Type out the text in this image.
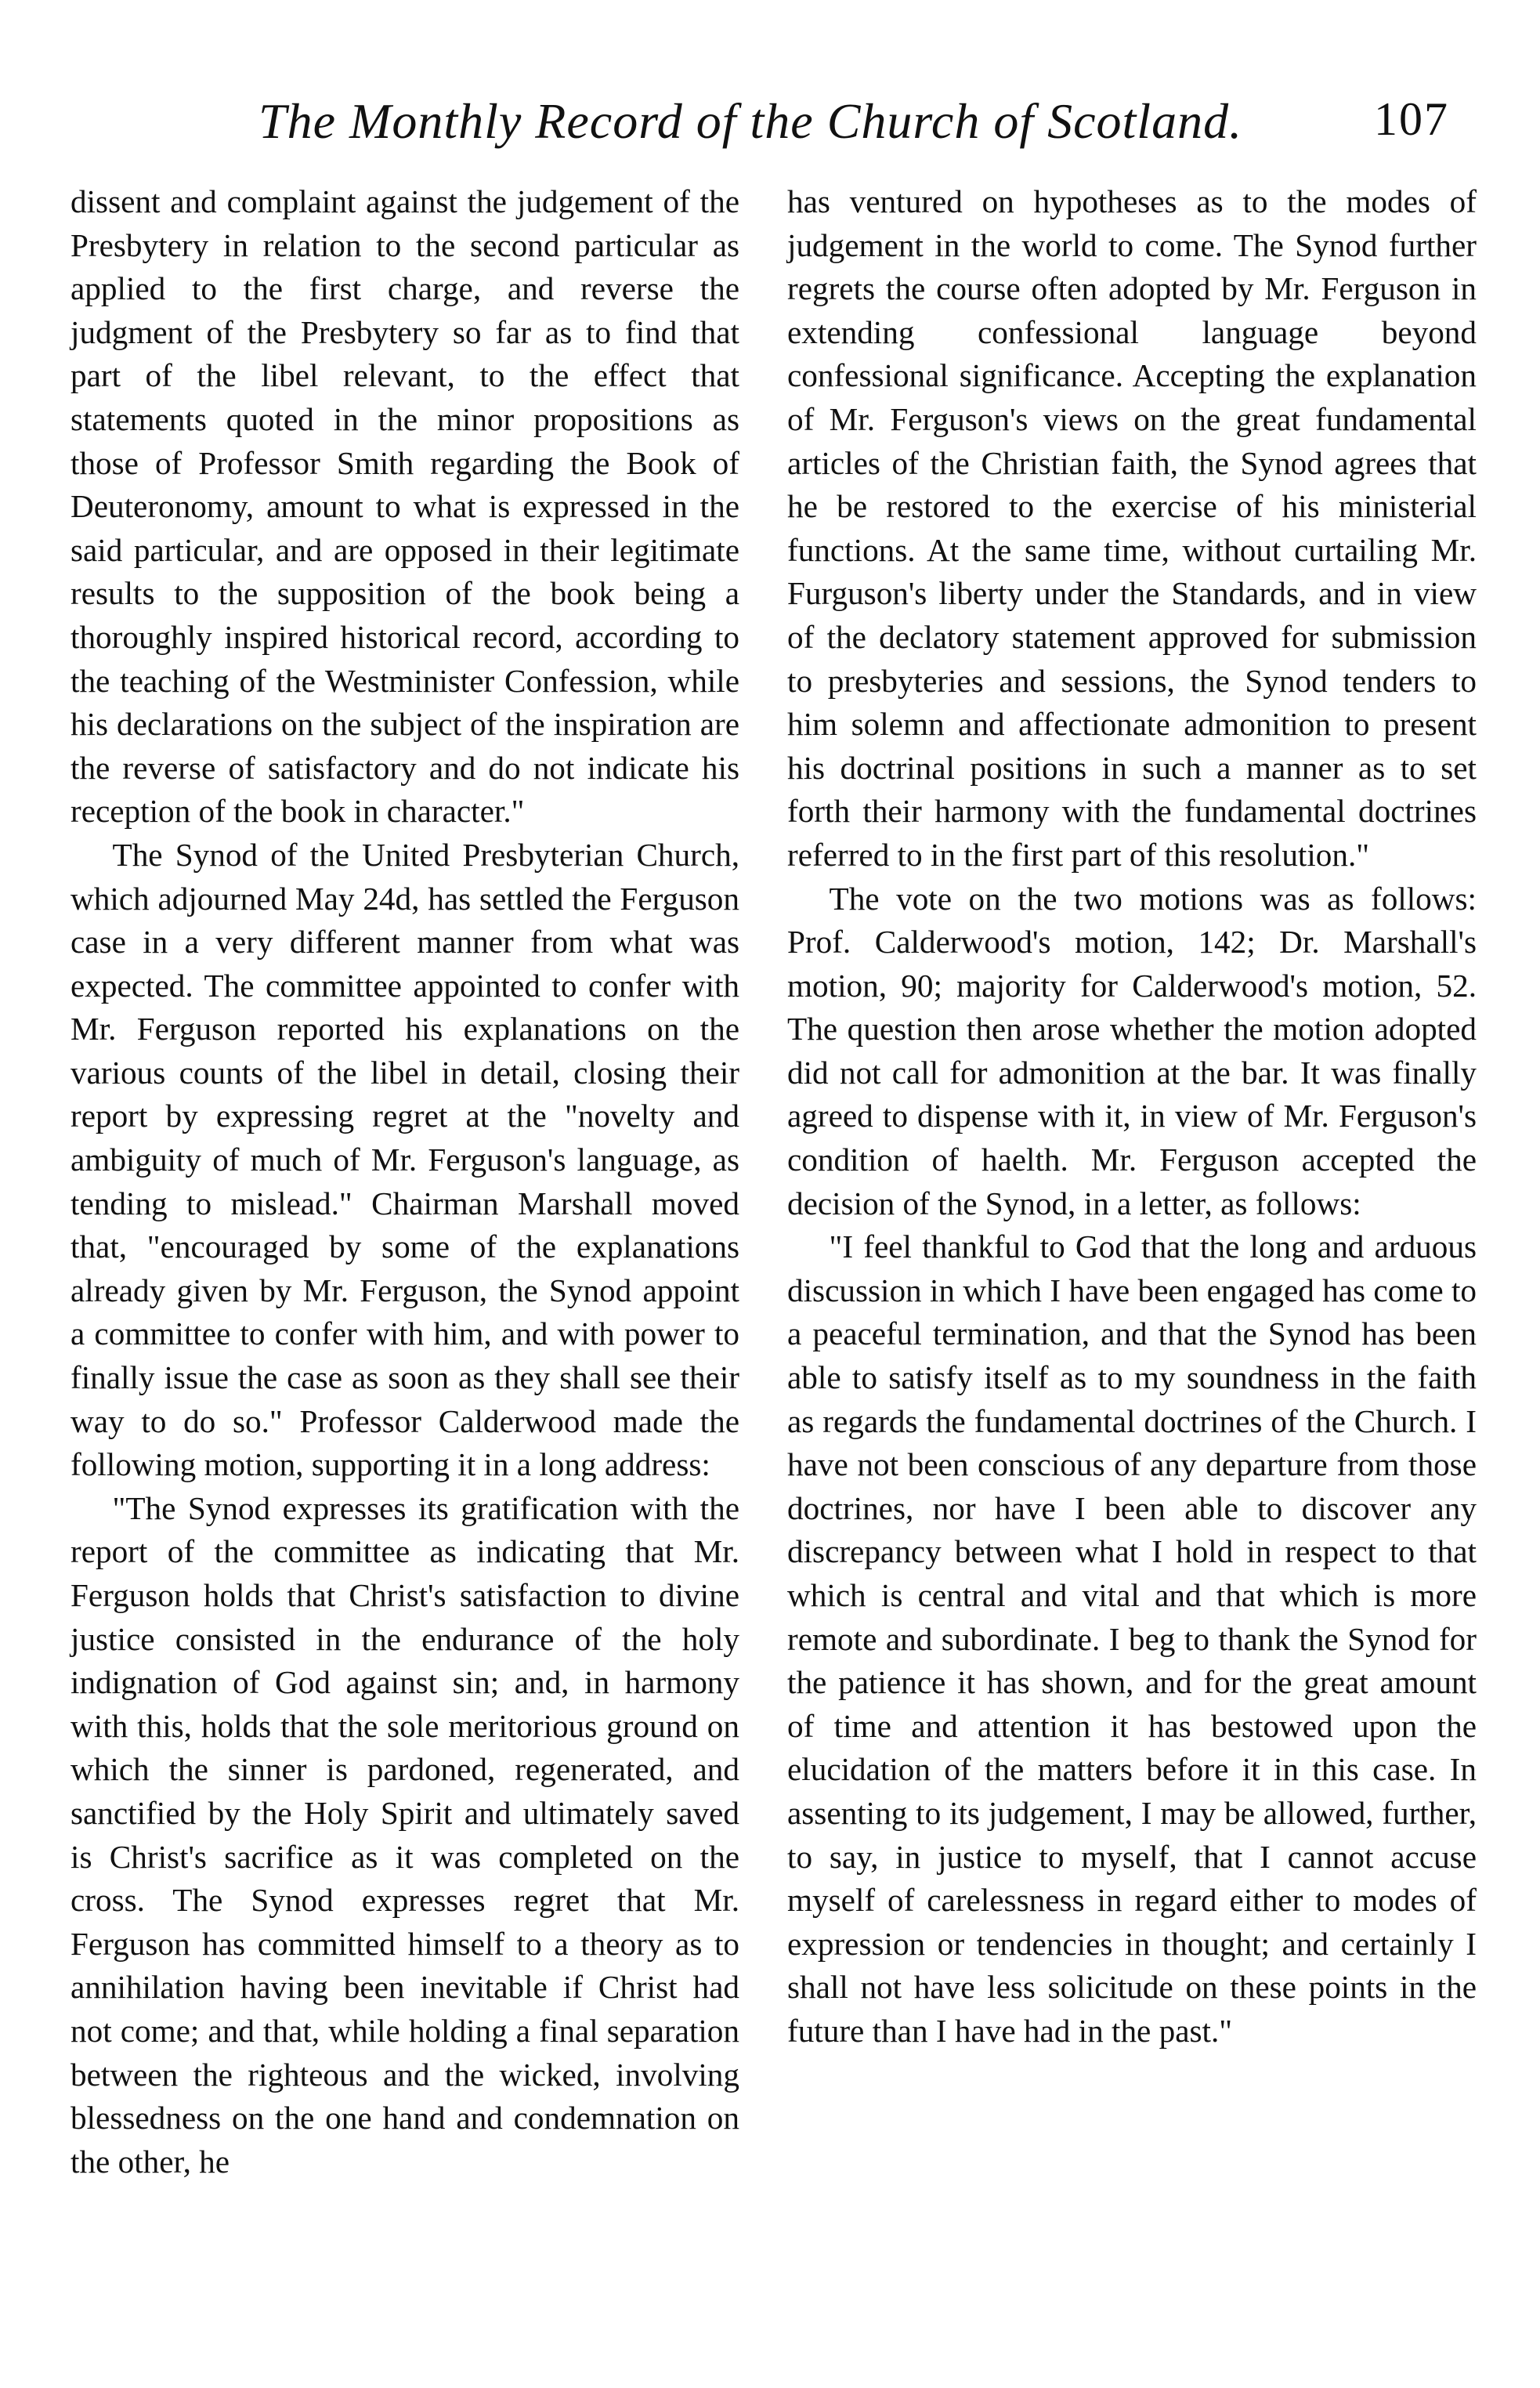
The Monthly Record of the Church of Scotland.	107

dissent and complaint against the judgement of the Presbytery in relation to the second particular as applied to the first charge, and reverse the judgment of the Presbytery so far as to find that part of the libel relevant, to the effect that statements quoted in the minor propositions as those of Professor Smith regarding the Book of Deuteronomy, amount to what is expressed in the said particular, and are opposed in their legitimate results to the supposition of the book being a thoroughly inspired historical record, according to the teaching of the Westminister Confession, while his declarations on the subject of the inspiration are the reverse of satisfactory and do not indicate his reception of the book in character."

The Synod of the United Presbyterian Church, which adjourned May 24d, has settled the Ferguson case in a very different manner from what was expected. The committee appointed to confer with Mr. Ferguson reported his explanations on the various counts of the libel in detail, closing their report by expressing regret at the "novelty and ambiguity of much of Mr. Ferguson's language, as tending to mislead." Chairman Marshall moved that, "encouraged by some of the explanations already given by Mr. Ferguson, the Synod appoint a committee to confer with him, and with power to finally issue the case as soon as they shall see their way to do so." Professor Calderwood made the following motion, supporting it in a long address:

"The Synod expresses its gratification with the report of the committee as indicating that Mr. Ferguson holds that Christ's satisfaction to divine justice consisted in the endurance of the holy indignation of God against sin; and, in harmony with this, holds that the sole meritorious ground on which the sinner is pardoned, regenerated, and sanctified by the Holy Spirit and ultimately saved is Christ's sacrifice as it was completed on the cross. The Synod expresses regret that Mr. Ferguson has committed himself to a theory as to annihilation having been inevitable if Christ had not come; and that, while holding a final separation between the righteous and the wicked, involving blessedness on the one hand and condemnation on the other, he

has ventured on hypotheses as to the modes of judgement in the world to come. The Synod further regrets the course often adopted by Mr. Ferguson in extending confessional language beyond confessional significance. Accepting the explanation of Mr. Ferguson's views on the great fundamental articles of the Christian faith, the Synod agrees that he be restored to the exercise of his ministerial functions. At the same time, without curtailing Mr. Furguson's liberty under the Standards, and in view of the declatory statement approved for submission to presbyteries and sessions, the Synod tenders to him solemn and affectionate admonition to present his doctrinal positions in such a manner as to set forth their harmony with the fundamental doctrines referred to in the first part of this resolution."

The vote on the two motions was as follows: Prof. Calderwood's motion, 142; Dr. Marshall's motion, 90; majority for Calderwood's motion, 52. The question then arose whether the motion adopted did not call for admonition at the bar. It was finally agreed to dispense with it, in view of Mr. Ferguson's condition of haelth. Mr. Ferguson accepted the decision of the Synod, in a letter, as follows:

"I feel thankful to God that the long and arduous discussion in which I have been engaged has come to a peaceful termination, and that the Synod has been able to satisfy itself as to my soundness in the faith as regards the fundamental doctrines of the Church. I have not been conscious of any departure from those doctrines, nor have I been able to discover any discrepancy between what I hold in respect to that which is central and vital and that which is more remote and subordinate. I beg to thank the Synod for the patience it has shown, and for the great amount of time and attention it has bestowed upon the elucidation of the matters before it in this case. In assenting to its judgement, I may be allowed, further, to say, in justice to myself, that I cannot accuse myself of carelessness in regard either to modes of expression or tendencies in thought; and certainly I shall not have less solicitude on these points in the future than I have had in the past."
